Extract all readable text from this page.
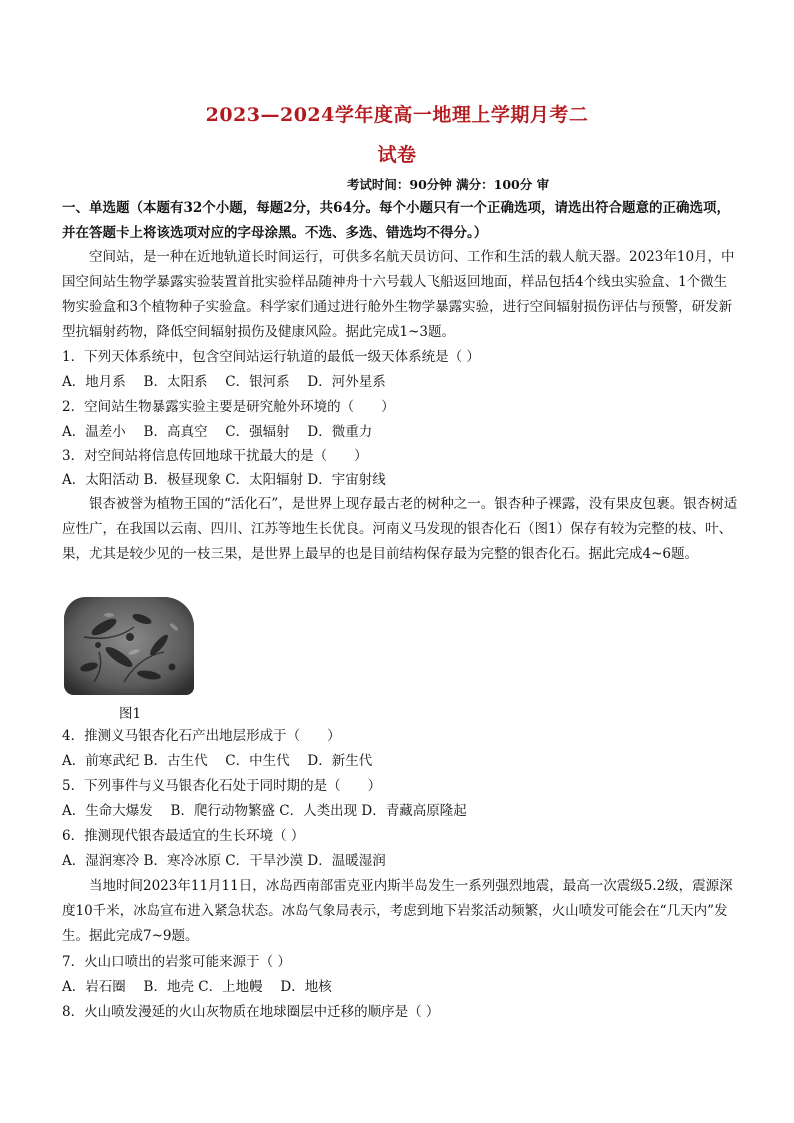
2023—2024学年度高一地理上学期月考二
试卷
考试时间：90分钟 满分：100分 审
一、单选题（本题有32个小题，每题2分，共64分。每个小题只有一个正确选项，请选出符合题意的正确选项，并在答题卡上将该选项对应的字母涂黑。不选、多选、错选均不得分。）
空间站，是一种在近地轨道长时间运行，可供多名航天员访问、工作和生活的载人航天器。2023年10月，中国空间站生物学暴露实验装置首批实验样品随神舟十六号载人飞船返回地面，样品包括4个线虫实验盒、1个微生物实验盒和3个植物种子实验盒。科学家们通过进行舱外生物学暴露实验，进行空间辐射损伤评估与预警，研发新型抗辐射药物，降低空间辐射损伤及健康风险。据此完成1~3题。
1．下列天体系统中，包含空间站运行轨道的最低一级天体系统是（ ）
A．地月系　 B．太阳系　 C．银河系　 D．河外星系
2．空间站生物暴露实验主要是研究舱外环境的（　　）
A．温差小　 B．高真空　 C．强辐射　 D．微重力
3．对空间站将信息传回地球干扰最大的是（　　）
A．太阳活动 B．极昼现象 C．太阳辐射 D．宇宙射线
银杏被誉为植物王国的“活化石”，是世界上现存最古老的树种之一。银杏种子裸露，没有果皮包裹。银杏树适应性广，在我国以云南、四川、江苏等地生长优良。河南义马发现的银杏化石（图1）保存有较为完整的枝、叶、果，尤其是较少见的一枝三果，是世界上最早的也是目前结构保存最为完整的银杏化石。据此完成4~6题。
图1
4．推测义马银杏化石产出地层形成于（　　）
A．前寒武纪 B．古生代　 C．中生代　 D．新生代
5．下列事件与义马银杏化石处于同时期的是（　　）
A．生命大爆发　 B．爬行动物繁盛 C．人类出现 D．青藏高原隆起
6．推测现代银杏最适宜的生长环境（ ）
A．湿润寒冷 B．寒冷冰原 C．干旱沙漠 D．温暖湿润
当地时间2023年11月11日，冰岛西南部雷克亚内斯半岛发生一系列强烈地震，最高一次震级5.2级，震源深度10千米，冰岛宣布进入紧急状态。冰岛气象局表示，考虑到地下岩浆活动频繁，火山喷发可能会在“几天内”发生。据此完成7~9题。
7．火山口喷出的岩浆可能来源于（ ）
A．岩石圈　 B．地壳 C．上地幔　 D．地核
8．火山喷发漫延的火山灰物质在地球圈层中迁移的顺序是（ ）
